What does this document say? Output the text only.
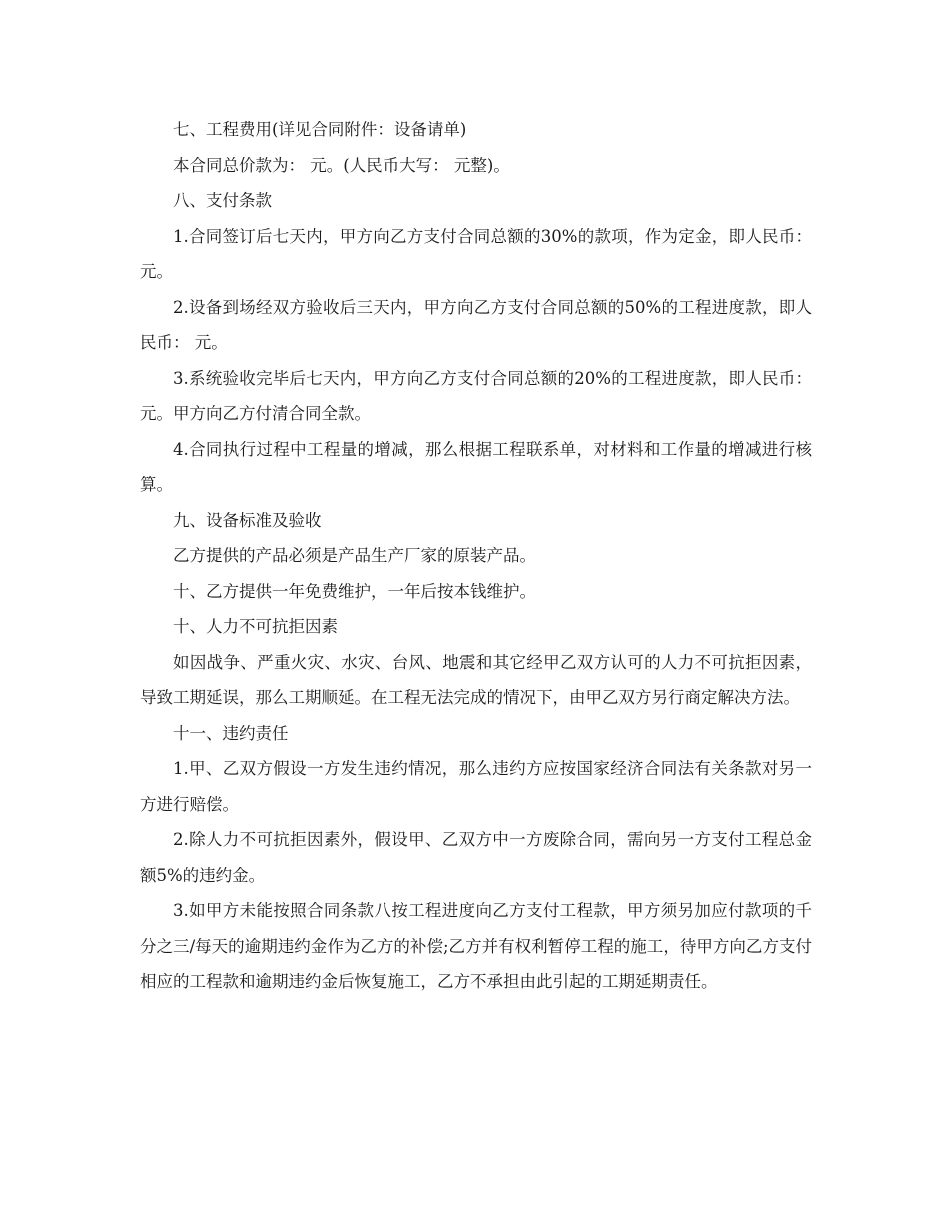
七、工程费用(详见合同附件：设备请单)

本合同总价款为： 元。(人民币大写： 元整)。

八、支付条款

1.合同签订后七天内，甲方向乙方支付合同总额的30%的款项，作为定金，即人民币： 元。

2.设备到场经双方验收后三天内，甲方向乙方支付合同总额的50%的工程进度款，即人民币： 元。

3.系统验收完毕后七天内，甲方向乙方支付合同总额的20%的工程进度款，即人民币： 元。甲方向乙方付清合同全款。

4.合同执行过程中工程量的增减，那么根据工程联系单，对材料和工作量的增减进行核算。

九、设备标准及验收

乙方提供的产品必须是产品生产厂家的原装产品。

十、乙方提供一年免费维护，一年后按本钱维护。

十、人力不可抗拒因素

如因战争、严重火灾、水灾、台风、地震和其它经甲乙双方认可的人力不可抗拒因素，导致工期延误，那么工期顺延。在工程无法完成的情况下，由甲乙双方另行商定解决方法。

十一、违约责任

1.甲、乙双方假设一方发生违约情况，那么违约方应按国家经济合同法有关条款对另一方进行赔偿。

2.除人力不可抗拒因素外，假设甲、乙双方中一方废除合同，需向另一方支付工程总金额5%的违约金。

3.如甲方未能按照合同条款八按工程进度向乙方支付工程款，甲方须另加应付款项的千分之三/每天的逾期违约金作为乙方的补偿;乙方并有权利暂停工程的施工，待甲方向乙方支付相应的工程款和逾期违约金后恢复施工，乙方不承担由此引起的工期延期责任。
